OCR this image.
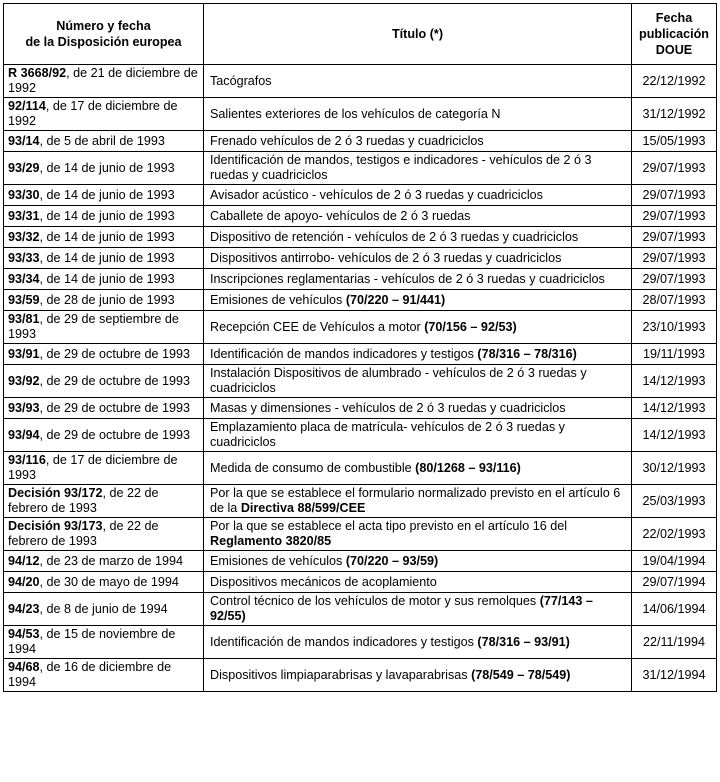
Número y fecha
de la Disposición europea	Título (*)	Fecha
publicación
DOUE
R 3668/92, de 21 de diciembre de 1992	Tacógrafos	22/12/1992
92/114, de 17 de diciembre de 1992	Salientes exteriores de los vehículos de categoría N	31/12/1992
93/14, de 5 de abril de 1993	Frenado vehículos de 2 ó 3 ruedas y cuadriciclos	15/05/1993
93/29, de 14 de junio de 1993	Identificación de mandos, testigos e indicadores - vehículos de 2 ó 3 ruedas y cuadriciclos	29/07/1993
93/30, de 14 de junio de 1993	Avisador acústico - vehículos de 2 ó 3 ruedas y cuadriciclos	29/07/1993
93/31, de 14 de junio de 1993	Caballete de apoyo- vehículos de 2 ó 3 ruedas	29/07/1993
93/32, de 14 de junio de 1993	Dispositivo de retención - vehículos de 2 ó 3 ruedas y cuadriciclos	29/07/1993
93/33, de 14 de junio de 1993	Dispositivos antirrobo- vehículos de 2 ó 3 ruedas y cuadriciclos	29/07/1993
93/34, de 14 de junio de 1993	Inscripciones reglamentarias - vehículos de 2 ó 3 ruedas y cuadriciclos	29/07/1993
93/59, de 28 de junio de 1993	Emisiones de vehículos (70/220 – 91/441)	28/07/1993
93/81, de 29 de septiembre de 1993	Recepción CEE de Vehículos a motor (70/156 – 92/53)	23/10/1993
93/91, de 29 de octubre de 1993	Identificación de mandos indicadores y testigos (78/316 – 78/316)	19/11/1993
93/92, de 29 de octubre de 1993	Instalación Dispositivos de alumbrado - vehículos de 2 ó 3 ruedas y cuadriciclos	14/12/1993
93/93, de 29 de octubre de 1993	Masas y dimensiones - vehículos de 2 ó 3 ruedas y cuadriciclos	14/12/1993
93/94, de 29 de octubre de 1993	Emplazamiento placa de matrícula- vehículos de 2 ó 3 ruedas y cuadriciclos	14/12/1993
93/116, de 17 de diciembre de 1993	Medida de consumo de combustible (80/1268 – 93/116)	30/12/1993
Decisión 93/172, de 22 de febrero de 1993	Por la que se establece el formulario normalizado previsto en el artículo 6 de la Directiva 88/599/CEE	25/03/1993
Decisión 93/173, de 22 de febrero de 1993	Por la que se establece el acta tipo previsto en el artículo 16 del Reglamento 3820/85	22/02/1993
94/12, de 23 de marzo de 1994	Emisiones de vehículos (70/220 – 93/59)	19/04/1994
94/20, de 30 de mayo de 1994	Dispositivos mecánicos de acoplamiento	29/07/1994
94/23, de 8 de junio de 1994	Control técnico de los vehículos de motor y sus remolques (77/143 – 92/55)	14/06/1994
94/53, de 15 de noviembre de 1994	Identificación de mandos indicadores y testigos (78/316 – 93/91)	22/11/1994
94/68, de 16 de diciembre de 1994	Dispositivos limpiaparabrisas y lavaparabrisas (78/549 – 78/549)	31/12/1994
